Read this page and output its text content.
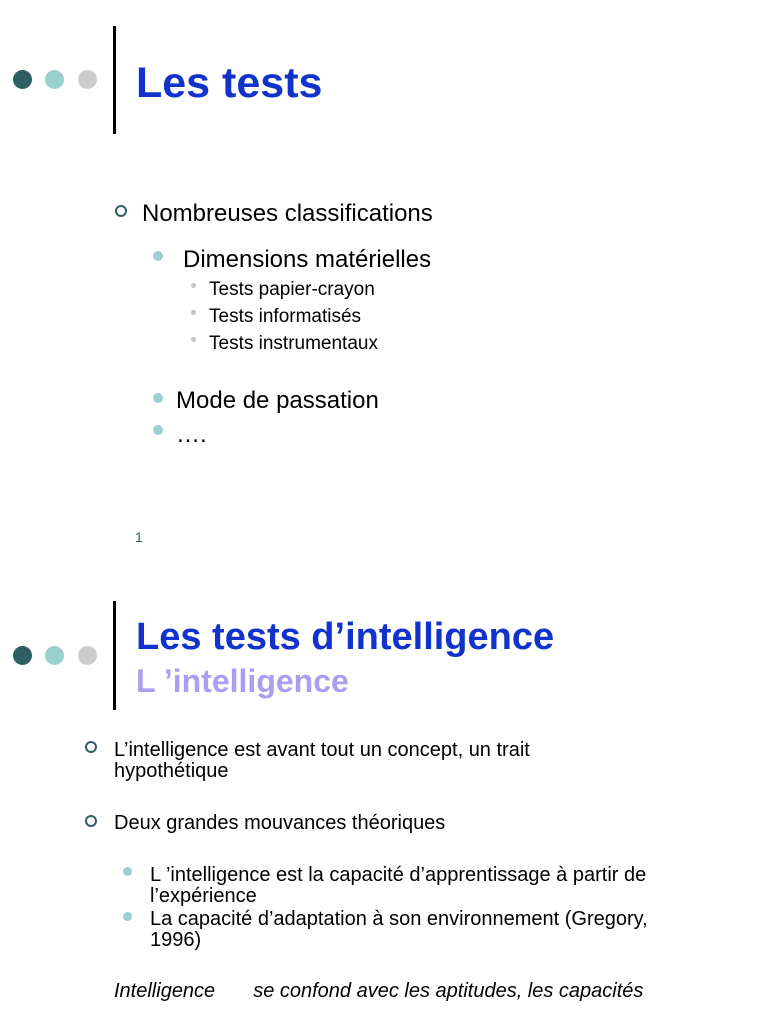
Les tests
Nombreuses classifications
Dimensions matérielles
Tests papier-crayon
Tests informatisés
Tests instrumentaux
Mode de passation
….
1
Les tests d’intelligence
L ’intelligence
L’intelligence est avant tout un concept, un trait hypothétique
Deux grandes mouvances théoriques
L ’intelligence est la capacité d’apprentissage à partir de l’expérience
La capacité d’adaptation à son environnement (Gregory, 1996)
Intelligence se confond avec les aptitudes, les capacités
